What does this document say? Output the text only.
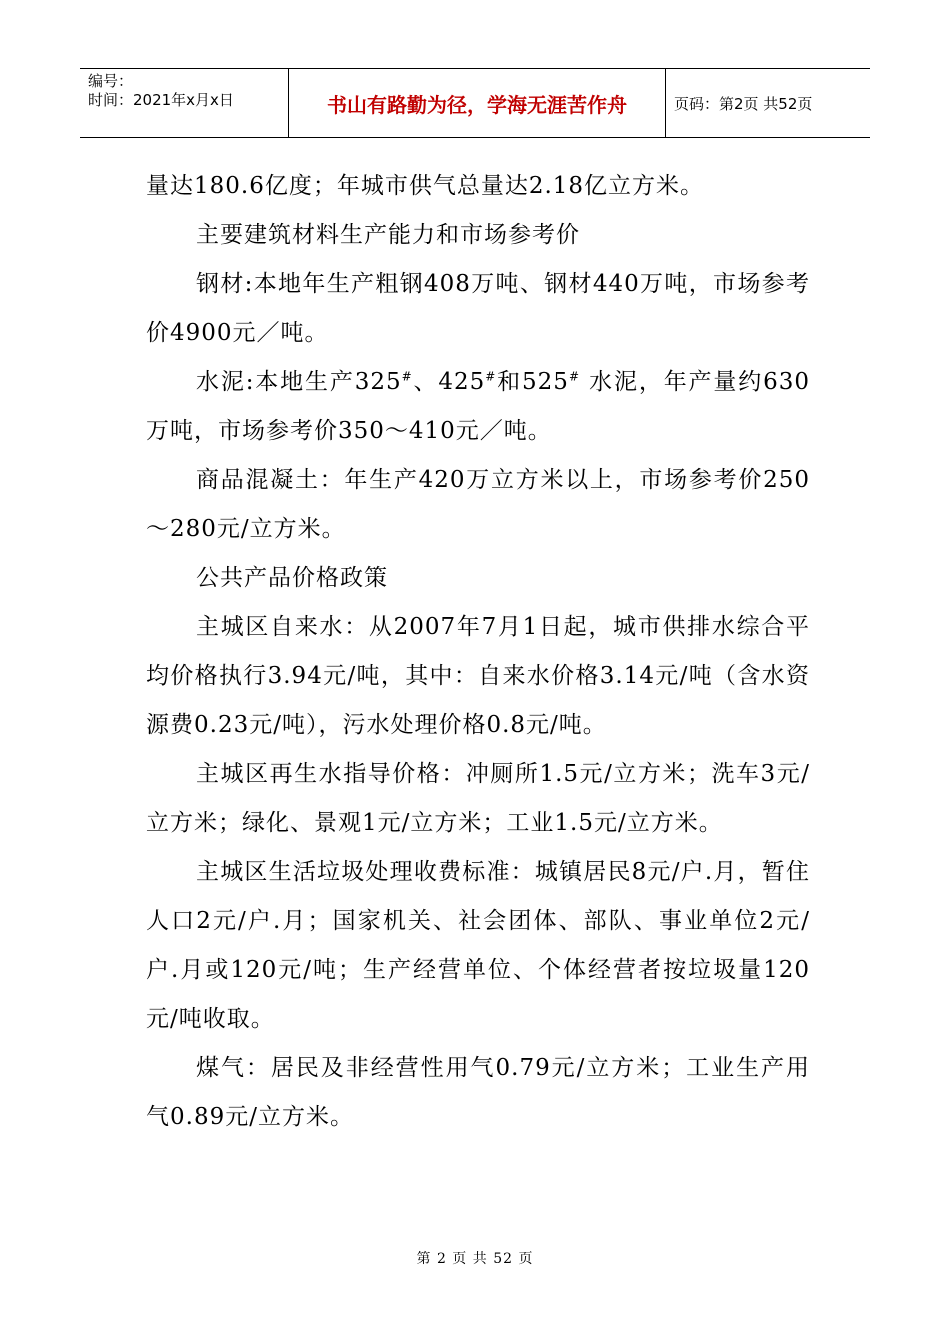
编号：
时间：2021年x月x日	书山有路勤为径，学海无涯苦作舟	页码：第2页 共52页

量达180.6亿度；年城市供气总量达2.18亿立方米。

主要建筑材料生产能力和市场参考价

钢材:本地年生产粗钢408万吨、钢材440万吨，市场参考价4900元／吨。

水泥:本地生产325#、425#和525# 水泥，年产量约630万吨，市场参考价350～410元／吨。

商品混凝土：年生产420万立方米以上，市场参考价250～280元/立方米。

公共产品价格政策

主城区自来水：从2007年7月1日起，城市供排水综合平均价格执行3.94元/吨，其中：自来水价格3.14元/吨（含水资源费0.23元/吨），污水处理价格0.8元/吨。

主城区再生水指导价格：冲厕所1.5元/立方米；洗车3元/立方米；绿化、景观1元/立方米；工业1.5元/立方米。

主城区生活垃圾处理收费标准：城镇居民8元/户.月，暂住人口2元/户.月；国家机关、社会团体、部队、事业单位2元/户.月或120元/吨；生产经营单位、个体经营者按垃圾量120元/吨收取。

煤气：居民及非经营性用气0.79元/立方米；工业生产用气0.89元/立方米。

第 2 页 共 52 页
